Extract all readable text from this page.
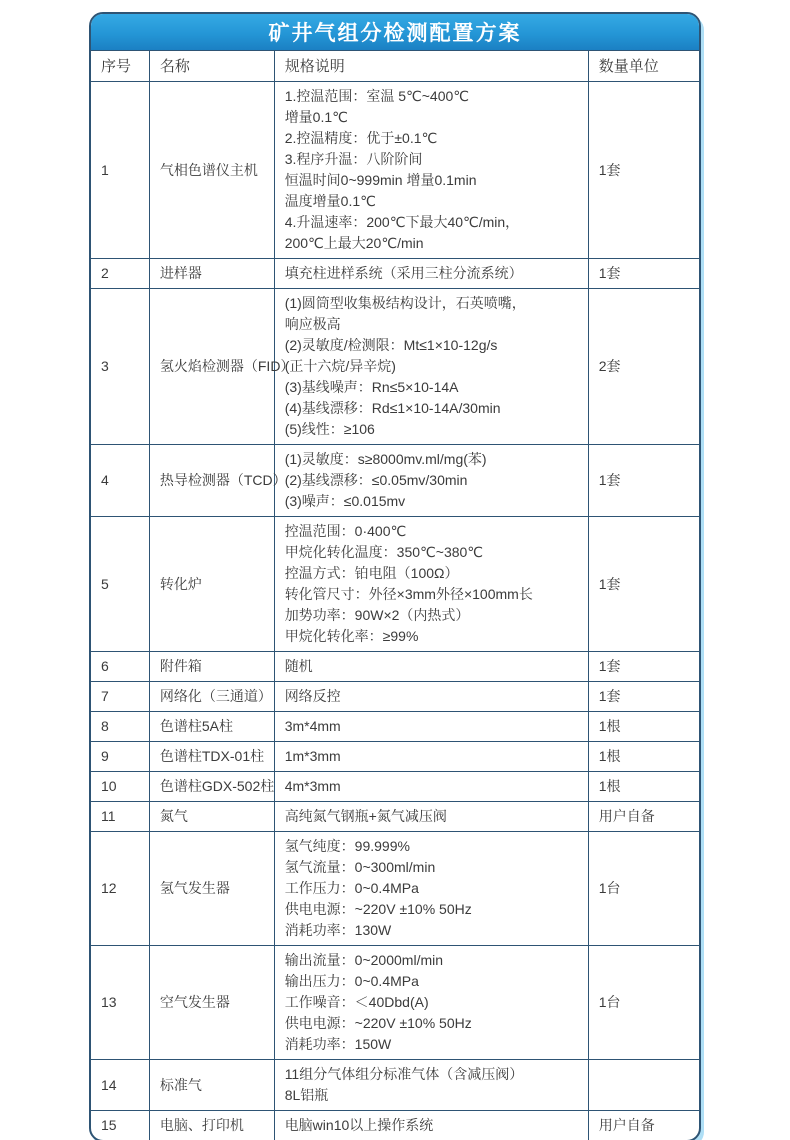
矿井气组分检测配置方案
序号	名称	规格说明	数量单位
1	气相色谱仪主机	
1.控温范围：室温 5℃~400℃
增量0.1℃
2.控温精度：优于±0.1℃
3.程序升温：八阶阶间
恒温时间0~999min 增量0.1min
温度增量0.1℃
4.升温速率：200℃下最大40℃/min，
200℃上最大20℃/min
	1套
2	进样器	填充柱进样系统（采用三柱分流系统）	1套
3	氢火焰检测器（FID）	
(1)圆筒型收集极结构设计，石英喷嘴，
响应极高
(2)灵敏度/检测限：Mt≤1×10-12g/s
(正十六烷/异辛烷)
(3)基线噪声：Rn≤5×10-14A
(4)基线漂移：Rd≤1×10-14A/30min
(5)线性：≥106
	2套
4	热导检测器（TCD）	(1)灵敏度：s≥8000mv.ml/mg(苯)
(2)基线漂移：≤0.05mv/30min
(3)噪声：≤0.015mv	1套
5	转化炉	
控温范围：0·400℃
甲烷化转化温度：350℃~380℃
控温方式：铂电阻（100Ω）
转化管尺寸：外径×3mm外径×100mm长
加势功率：90W×2（内热式）
甲烷化转化率：≥99%
	1套
6	附件箱	随机	1套
7	网络化（三通道）	网络反控	1套
8	色谱柱5A柱	3m*4mm	1根
9	色谱柱TDX-01柱	1m*3mm	1根
10	色谱柱GDX-502柱	4m*3mm	1根
11	氮气	高纯氮气钢瓶+氮气减压阀	用户自备
12	氢气发生器	氢气纯度：99.999%
氢气流量：0~300ml/min
工作压力：0~0.4MPa
供电电源：~220V ±10% 50Hz
消耗功率：130W	1台
13	空气发生器	输出流量：0~2000ml/min
输出压力：0~0.4MPa
工作噪音：＜40Dbd(A)
供电电源：~220V ±10% 50Hz
消耗功率：150W	1台
14	标准气	11组分气体组分标准气体（含减压阀）
8L铝瓶	

15	电脑、打印机	电脑win10以上操作系统	用户自备
